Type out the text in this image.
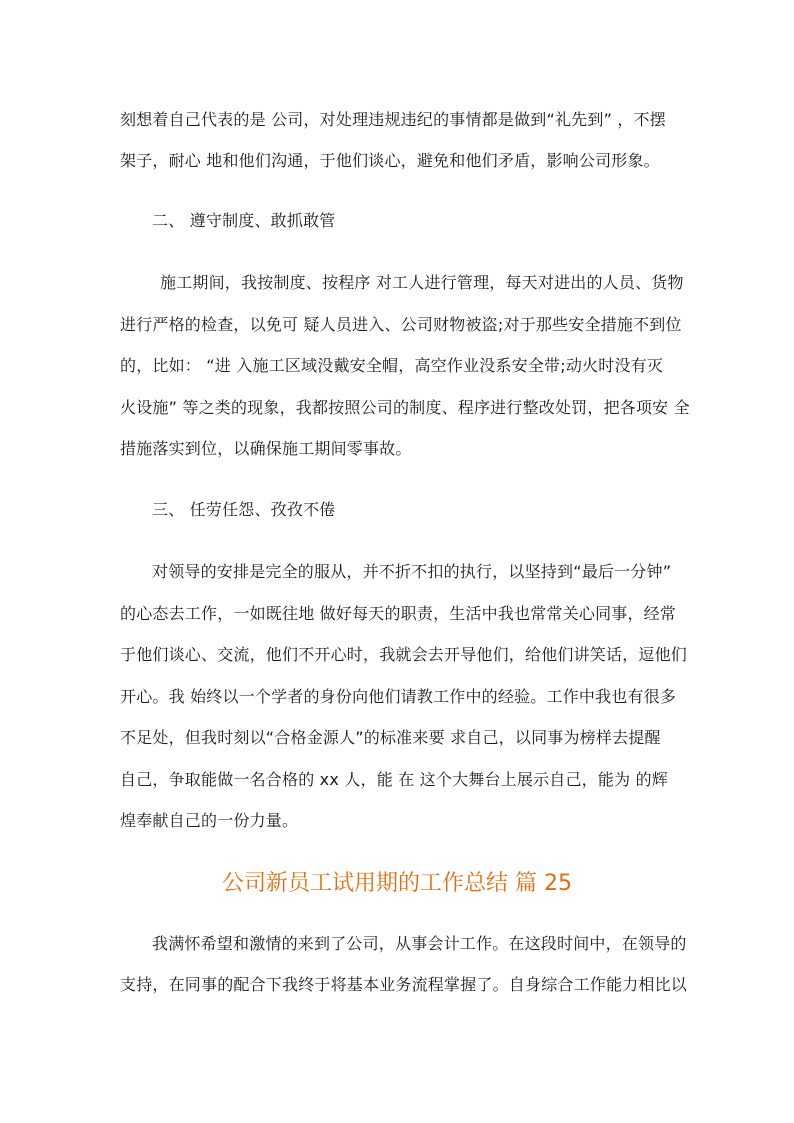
刻想着自己代表的是 公司，对处理违规违纪的事情都是做到“礼先到” ，不摆
架子，耐心 地和他们沟通，于他们谈心，避免和他们矛盾，影响公司形象。
二、 遵守制度、敢抓敢管
施工期间，我按制度、按程序 对工人进行管理，每天对进出的人员、货物
进行严格的检查，以免可 疑人员进入、公司财物被盗;对于那些安全措施不到位
的，比如： “进 入施工区域没戴安全帽，高空作业没系安全带;动火时没有灭
火设施” 等之类的现象，我都按照公司的制度、程序进行整改处罚，把各项安 全
措施落实到位，以确保施工期间零事故。
三、 任劳任怨、孜孜不倦
对领导的安排是完全的服从，并不折不扣的执行，以坚持到“最后一分钟”
的心态去工作，一如既往地 做好每天的职责，生活中我也常常关心同事，经常
于他们谈心、交流，他们不开心时，我就会去开导他们，给他们讲笑话，逗他们
开心。我 始终以一个学者的身份向他们请教工作中的经验。工作中我也有很多
不足处，但我时刻以“合格金源人”的标准来要 求自己，以同事为榜样去提醒
自己，争取能做一名合格的 xx 人，能 在 这个大舞台上展示自己，能为 的辉
煌奉献自己的一份力量。
公司新员工试用期的工作总结 篇 25
我满怀希望和激情的来到了公司，从事会计工作。在这段时间中，在领导的
支持，在同事的配合下我终于将基本业务流程掌握了。自身综合工作能力相比以
